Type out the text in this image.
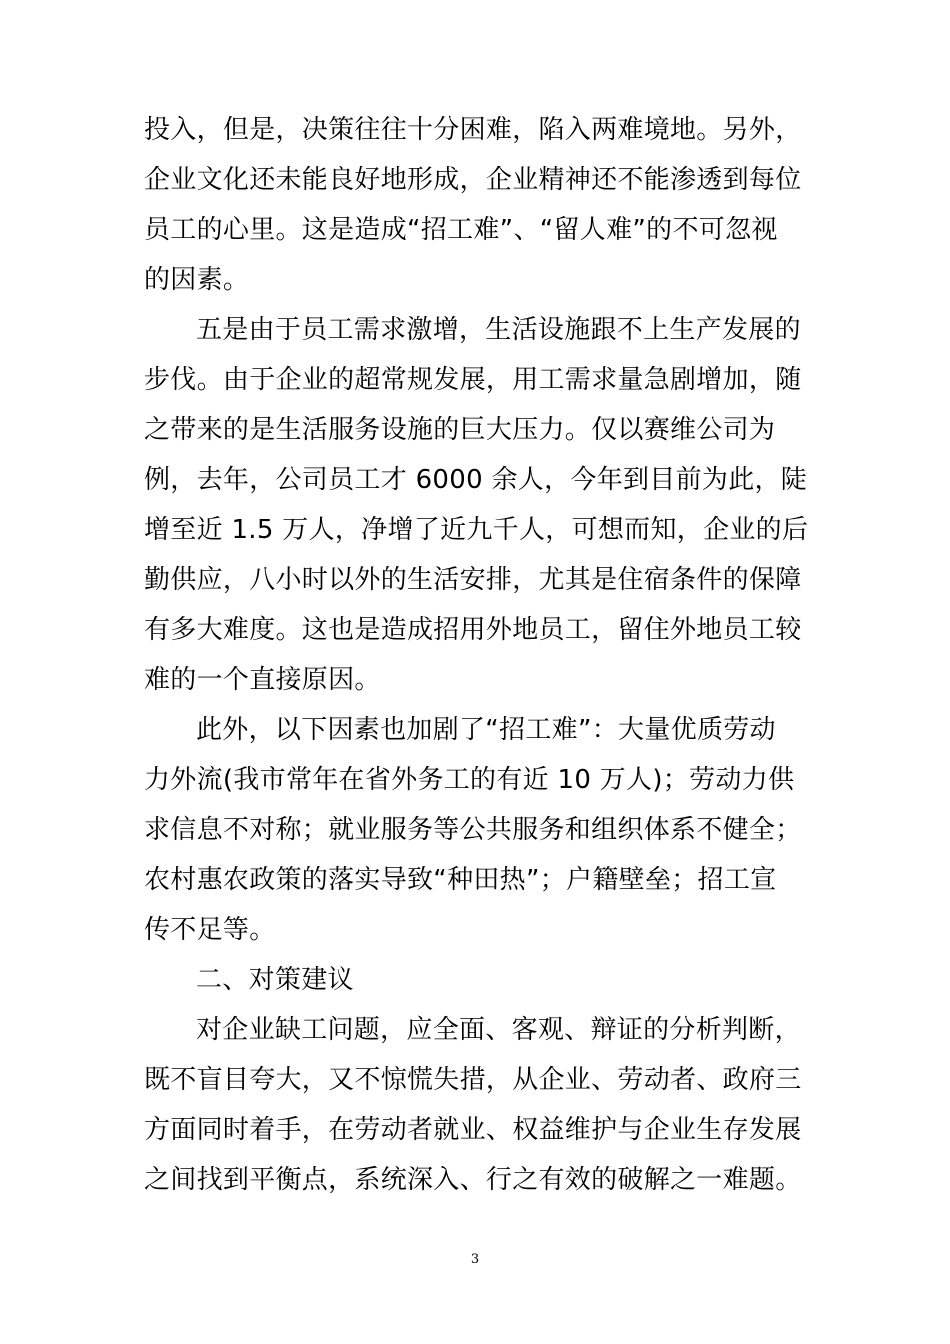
投入，但是，决策往往十分困难，陷入两难境地。另外，
企业文化还未能良好地形成，企业精神还不能渗透到每位
员工的心里。这是造成“招工难”、“留人难”的不可忽视
的因素。
五是由于员工需求激增，生活设施跟不上生产发展的
步伐。由于企业的超常规发展，用工需求量急剧增加，随
之带来的是生活服务设施的巨大压力。仅以赛维公司为
例，去年，公司员工才 6000 余人，今年到目前为此，陡
增至近 1.5 万人，净增了近九千人，可想而知，企业的后
勤供应，八小时以外的生活安排，尤其是住宿条件的保障
有多大难度。这也是造成招用外地员工，留住外地员工较
难的一个直接原因。
此外，以下因素也加剧了“招工难”：大量优质劳动
力外流(我市常年在省外务工的有近 10 万人)；劳动力供
求信息不对称；就业服务等公共服务和组织体系不健全；
农村惠农政策的落实导致“种田热”；户籍壁垒；招工宣
传不足等。
二、对策建议
对企业缺工问题，应全面、客观、辩证的分析判断，
既不盲目夸大，又不惊慌失措，从企业、劳动者、政府三
方面同时着手，在劳动者就业、权益维护与企业生存发展
之间找到平衡点，系统深入、行之有效的破解之一难题。
3
